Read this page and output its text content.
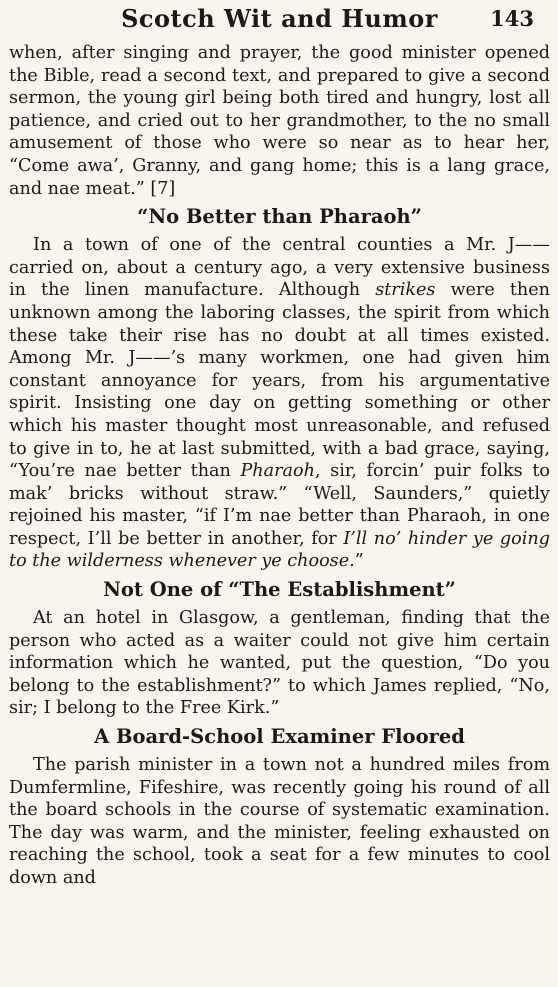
Scotch Wit and Humor	143

when, after singing and prayer, the good minister opened the Bible, read a second text, and prepared to give a second sermon, the young girl being both tired and hungry, lost all patience, and cried out to her grandmother, to the no small amusement of those who were so near as to hear her, “Come awa’, Granny, and gang home; this is a lang grace, and nae meat.” [7]

“No Better than Pharaoh”

In a town of one of the central counties a Mr. J—— carried on, about a century ago, a very extensive business in the linen manufacture. Although strikes were then unknown among the laboring classes, the spirit from which these take their rise has no doubt at all times existed. Among Mr. J——’s many workmen, one had given him constant annoyance for years, from his argumentative spirit. Insisting one day on getting something or other which his master thought most unreasonable, and refused to give in to, he at last submitted, with a bad grace, saying, “You’re nae better than Pharaoh, sir, forcin’ puir folks to mak’ bricks without straw.” “Well, Saunders,” quietly rejoined his master, “if I’m nae better than Pharaoh, in one respect, I’ll be better in another, for I’ll no’ hinder ye going to the wilderness whenever ye choose.”

Not One of “The Establishment”

At an hotel in Glasgow, a gentleman, finding that the person who acted as a waiter could not give him certain information which he wanted, put the question, “Do you belong to the establishment?” to which James replied, “No, sir; I belong to the Free Kirk.”

A Board-School Examiner Floored

The parish minister in a town not a hundred miles from Dumfermline, Fifeshire, was recently going his round of all the board schools in the course of systematic examination. The day was warm, and the minister, feeling exhausted on reaching the school, took a seat for a few minutes to cool down and
